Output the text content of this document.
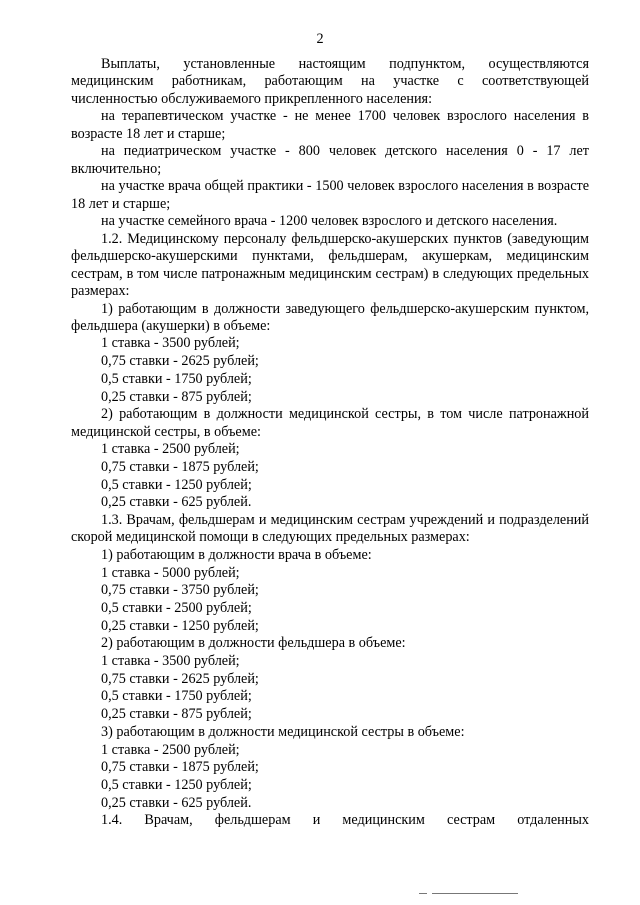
2

Выплаты, установленные настоящим подпунктом, осуществляются медицинским работникам, работающим на участке с соответствующей численностью обслуживаемого прикрепленного населения:

на терапевтическом участке - не менее 1700 человек взрослого населения в возрасте 18 лет и старше;

на педиатрическом участке - 800 человек детского населения 0 - 17 лет включительно;

на участке врача общей практики - 1500 человек взрослого населения в возрасте 18 лет и старше;

на участке семейного врача - 1200 человек взрослого и детского населения.

1.2. Медицинскому персоналу фельдшерско-акушерских пунктов (заведующим фельдшерско-акушерскими пунктами, фельдшерам, акушеркам, медицинским сестрам, в том числе патронажным медицинским сестрам) в следующих предельных размерах:

1) работающим в должности заведующего фельдшерско-акушерским пунктом, фельдшера (акушерки) в объеме:

1 ставка - 3500 рублей;

0,75 ставки - 2625 рублей;

0,5 ставки - 1750 рублей;

0,25 ставки - 875 рублей;

2) работающим в должности медицинской сестры, в том числе патронажной медицинской сестры, в объеме:

1 ставка - 2500 рублей;

0,75 ставки - 1875 рублей;

0,5 ставки - 1250 рублей;

0,25 ставки - 625 рублей.

1.3. Врачам, фельдшерам и медицинским сестрам учреждений и подразделений скорой медицинской помощи в следующих предельных размерах:

1) работающим в должности врача в объеме:

1 ставка - 5000 рублей;

0,75 ставки - 3750 рублей;

0,5 ставки - 2500 рублей;

0,25 ставки - 1250 рублей;

2) работающим в должности фельдшера в объеме:

1 ставка - 3500 рублей;

0,75 ставки - 2625 рублей;

0,5 ставки - 1750 рублей;

0,25 ставки - 875 рублей;

3) работающим в должности медицинской сестры в объеме:

1 ставка - 2500 рублей;

0,75 ставки - 1875 рублей;

0,5 ставки - 1250 рублей;

0,25 ставки - 625 рублей.

1.4. Врачам, фельдшерам и медицинским сестрам отдаленных
